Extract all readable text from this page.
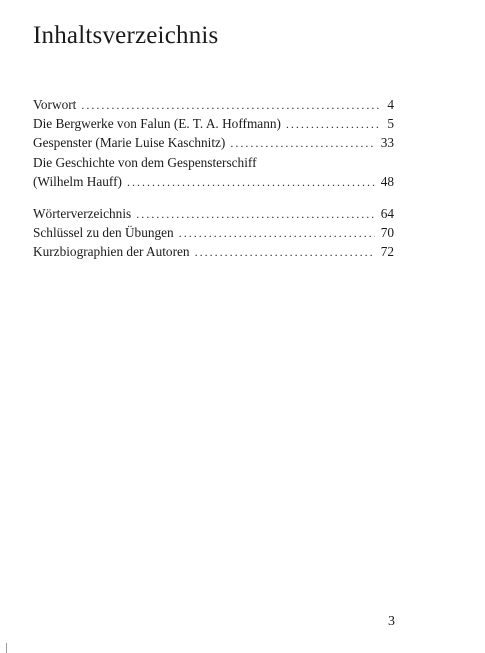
Inhaltsverzeichnis
Vorwort .....	4
Die Bergwerke von Falun (E. T. A. Hoffmann) .....	5
Gespenster (Marie Luise Kaschnitz) .....	33
Die Geschichte von dem Gespensterschiff
(Wilhelm Hauff) .....	48
Wörterverzeichnis .....	64
Schlüssel zu den Übungen .....	70
Kurzbiographien der Autoren .....	72
3
